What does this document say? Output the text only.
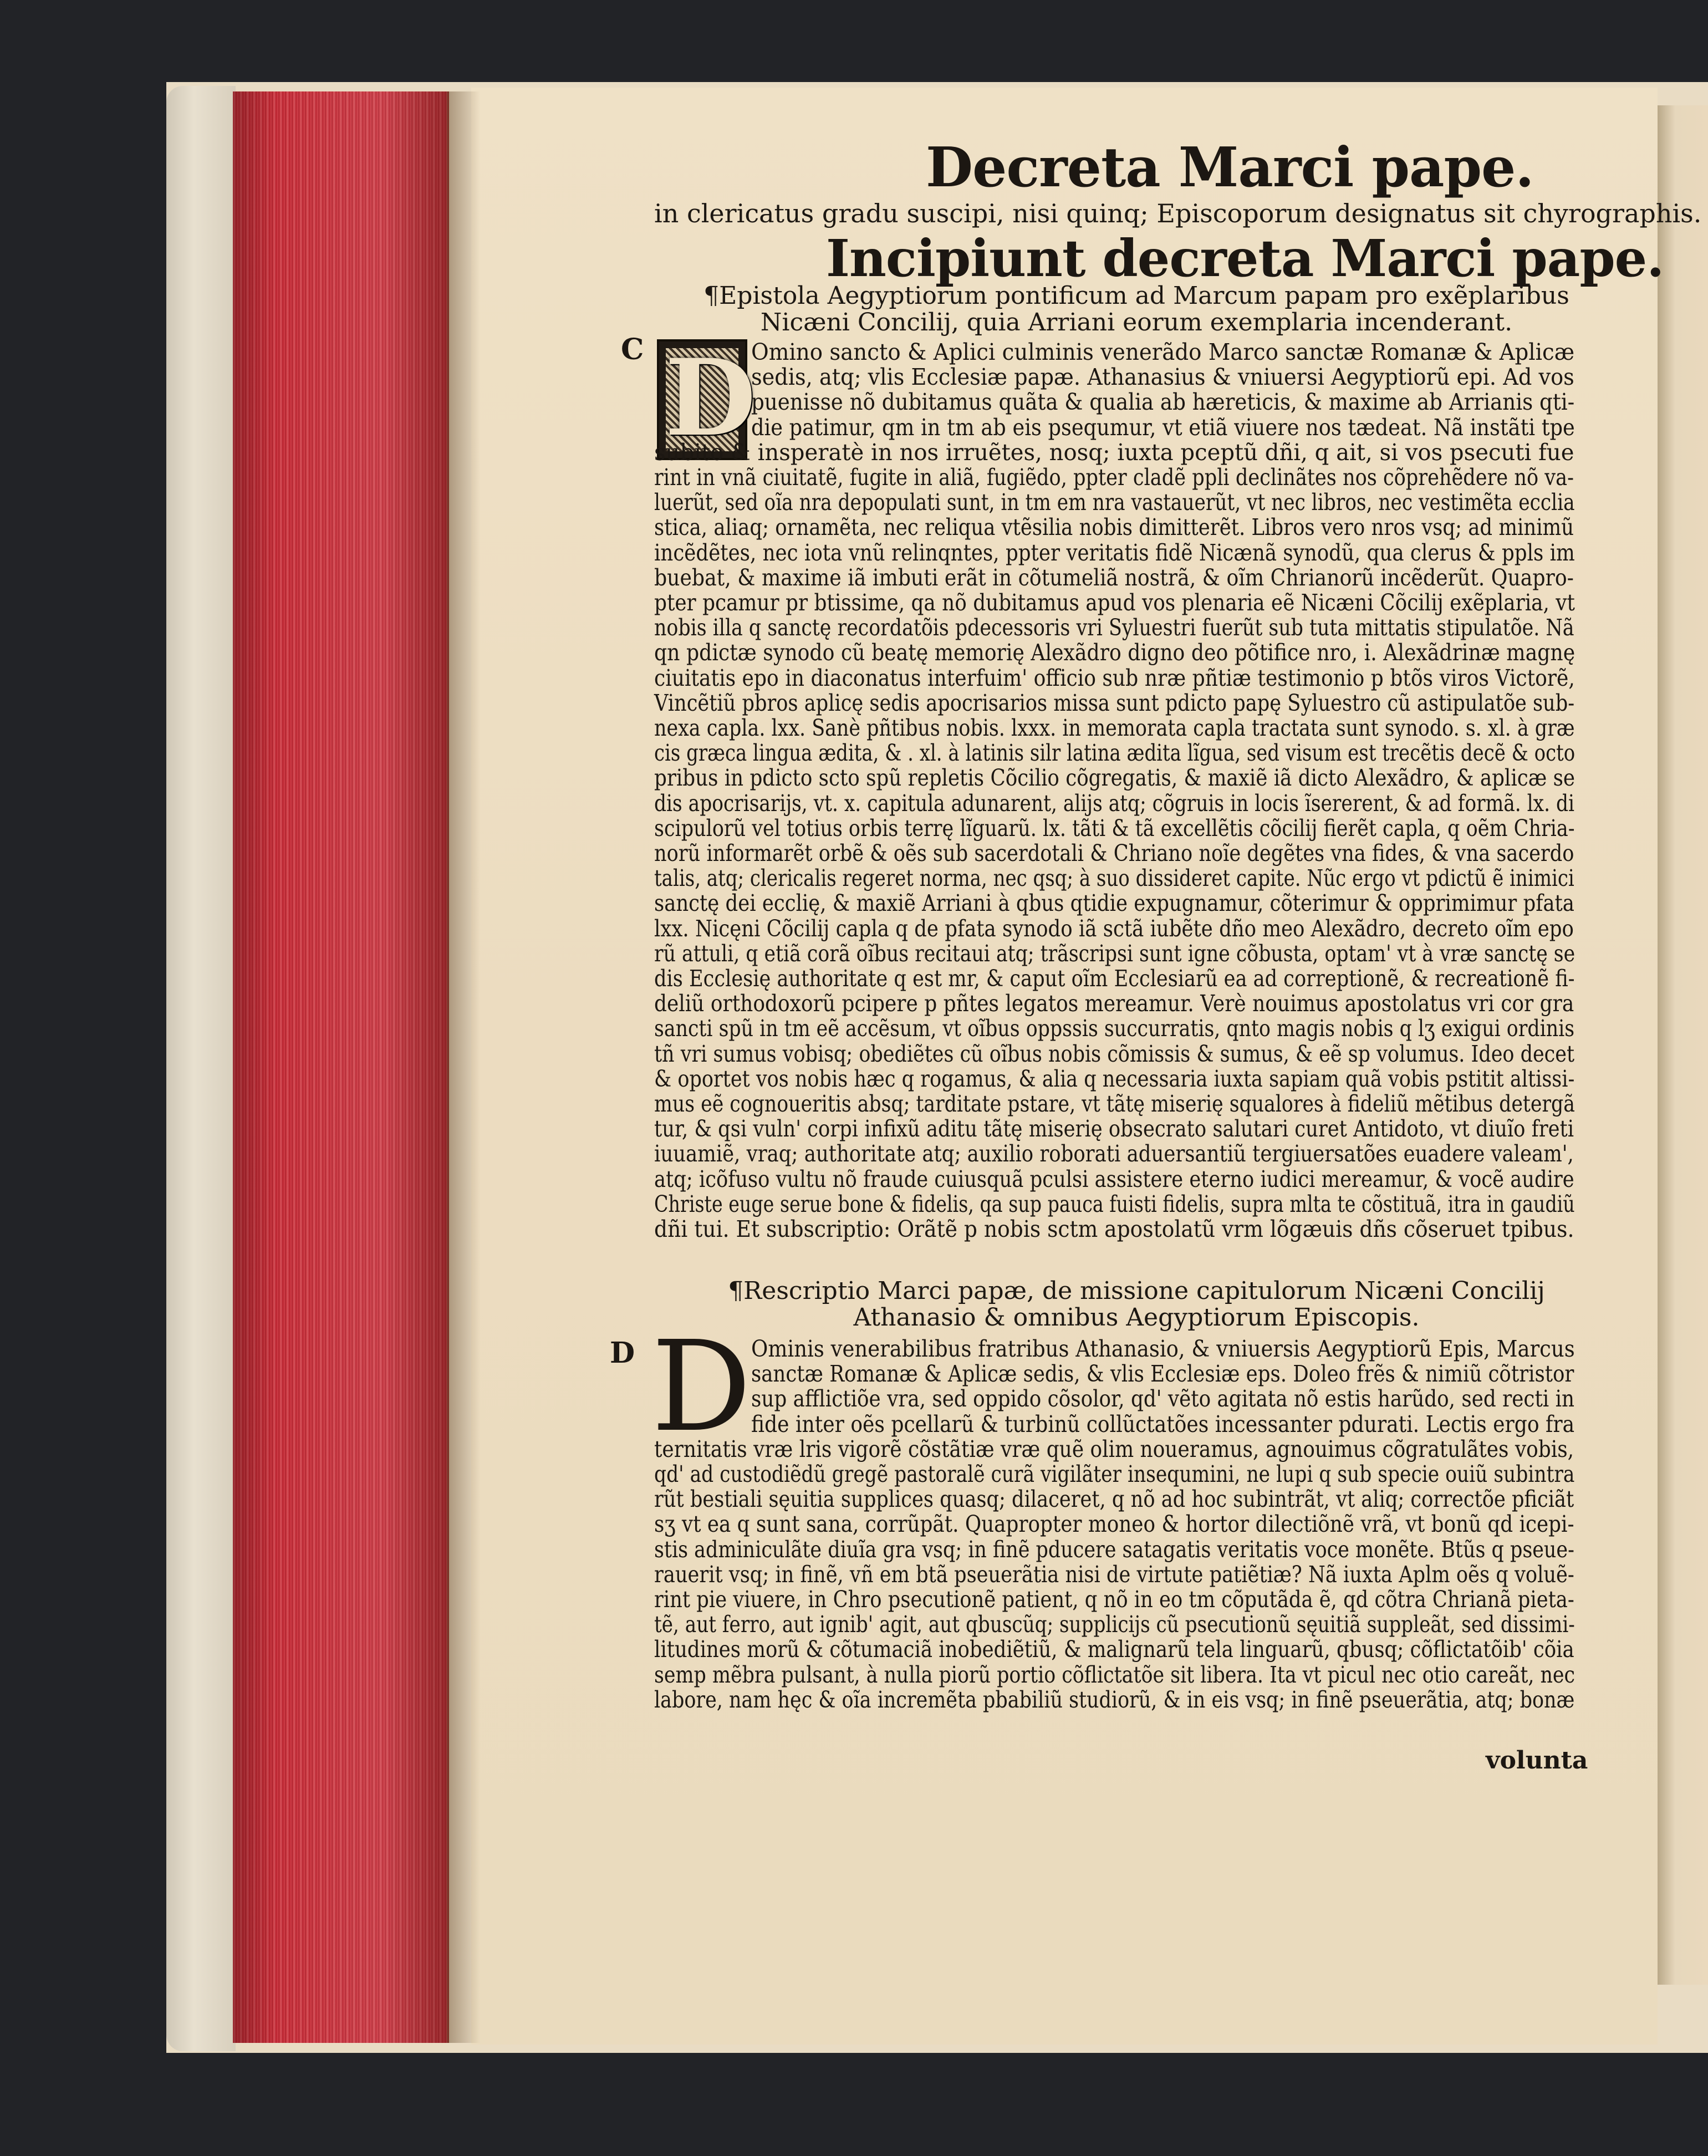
Decreta Marci pape.
in clericatus gradu suscipi, nisi quinq; Episcoporum designatus sit chyrographis.
Incipiunt decreta Marci pape.
¶Epistola Aegyptiorum pontificum ad Marcum papam pro exẽplaribus Nicæni Concilij, quia Arriani eorum exemplaria incenderant.
C D
Omino sancto & Aplici culminis venerãdo Marco sanctæ Romanæ & Aplicæ
sedis, atq; vlis Ecclesiæ papæ. Athanasius & vniuersi Aegyptiorũ epi. Ad vos
puenisse nõ dubitamus quãta & qualia ab hæreticis, & maxime ab Arrianis qti-
die patimur, qm in tm ab eis psequmur, vt etiã viuere nos tædeat. Nã instãti tpe
subito & insperatè in nos irruẽtes, nosq; iuxta pceptũ dñi, q ait, si vos psecuti fue
rint in vnã ciuitatẽ, fugite in aliã, fugiẽdo, ppter cladẽ ppli declinãtes nos cõprehẽdere nõ va-
luerũt, sed oĩa nra depopulati sunt, in tm em nra vastauerũt, vt nec libros, nec vestimẽta ecclia
stica, aliaq; ornamẽta, nec reliqua vtẽsilia nobis dimitterẽt. Libros vero nros vsq; ad minimũ
incẽdẽtes, nec iota vnũ relinqntes, ppter veritatis fidẽ Nicænã synodũ, qua clerus & ppls im
buebat, & maxime iã imbuti erãt in cõtumeliã nostrã, & oĩm Chrianorũ incẽderũt. Quapro-
pter pcamur pr btissime, qa nõ dubitamus apud vos plenaria eẽ Nicæni Cõcilij exẽplaria, vt
nobis illa q sanctę recordatõis pdecessoris vri Syluestri fuerũt sub tuta mittatis stipulatõe. Nã
qn pdictæ synodo cũ beatę memorię Alexãdro digno deo põtifice nro, i. Alexãdrinæ magnę
ciuitatis epo in diaconatus interfuim' officio sub nræ pñtiæ testimonio p btõs viros Victorẽ,
Vincẽtiũ pbros aplicę sedis apocrisarios missa sunt pdicto papę Syluestro cũ astipulatõe sub-
nexa capla. lxx. Sanè pñtibus nobis. lxxx. in memorata capla tractata sunt synodo. s. xl. à græ
cis græca lingua ædita, & . xl. à latinis silr latina ædita lĩgua, sed visum est trecẽtis decẽ & octo
pribus in pdicto scto spũ repletis Cõcilio cõgregatis, & maxiẽ iã dicto Alexãdro, & aplicæ se
dis apocrisarijs, vt. x. capitula adunarent, alijs atq; cõgruis in locis ĩsererent, & ad formã. lx. di
scipulorũ vel totius orbis terrę lĩguarũ. lx. tãti & tã excellẽtis cõcilij fierẽt capla, q oẽm Chria-
norũ informarẽt orbẽ & oẽs sub sacerdotali & Chriano noĩe degẽtes vna fides, & vna sacerdo
talis, atq; clericalis regeret norma, nec qsq; à suo dissideret capite. Nũc ergo vt pdictũ ẽ inimici
sanctę dei ecclię, & maxiẽ Arriani à qbus qtidie expugnamur, cõterimur & opprimimur pfata
lxx. Nicęni Cõcilij capla q de pfata synodo iã sctã iubẽte dño meo Alexãdro, decreto oĩm epo
rũ attuli, q etiã corã oĩbus recitaui atq; trãscripsi sunt igne cõbusta, optam' vt à vræ sanctę se
dis Ecclesię authoritate q est mr, & caput oĩm Ecclesiarũ ea ad correptionẽ, & recreationẽ fi-
deliũ orthodoxorũ pcipere p pñtes legatos mereamur. Verè nouimus apostolatus vri cor gra
sancti spũ in tm eẽ accẽsum, vt oĩbus oppssis succurratis, qnto magis nobis q lʒ exigui ordinis
tñ vri sumus vobisq; obediẽtes cũ oĩbus nobis cõmissis & sumus, & eẽ sp volumus. Ideo decet
& oportet vos nobis hæc q rogamus, & alia q necessaria iuxta sapiam quã vobis pstitit altissi-
mus eẽ cognoueritis absq; tarditate pstare, vt tãtę miserię squalores à fideliũ mẽtibus detergã
tur, & qsi vuln' corpi infixũ aditu tãtę miserię obsecrato salutari curet Antidoto, vt diuĩo freti
iuuamiẽ, vraq; authoritate atq; auxilio roborati aduersantiũ tergiuersatões euadere valeam',
atq; icõfuso vultu nõ fraude cuiusquã pculsi assistere eterno iudici mereamur, & vocẽ audire
Christe euge serue bone & fidelis, qa sup pauca fuisti fidelis, supra mlta te cõstituã, itra in gaudiũ
dñi tui. Et subscriptio: Orãtẽ p nobis sctm apostolatũ vrm lõgæuis dñs cõseruet tpibus.
¶Rescriptio Marci papæ, de missione capitulorum Nicæni Concilij Athanasio & omnibus Aegyptiorum Episcopis.
D D Ominis venerabilibus fratribus Athanasio, & vniuersis Aegyptiorũ Epis, Marcus
sanctæ Romanæ & Aplicæ sedis, & vlis Ecclesiæ eps. Doleo frẽs & nimiũ cõtristor
sup afflictiõe vra, sed oppido cõsolor, qd' vẽto agitata nõ estis harũdo, sed recti in
fide inter oẽs pcellarũ & turbinũ collũctatões incessanter pdurati. Lectis ergo fra
ternitatis vræ lris vigorẽ cõstãtiæ vræ quẽ olim noueramus, agnouimus cõgratulãtes vobis,
qd' ad custodiẽdũ gregẽ pastoralẽ curã vigilãter insequmini, ne lupi q sub specie ouiũ subintra
rũt bestiali sęuitia supplices quasq; dilaceret, q nõ ad hoc subintrãt, vt aliq; correctõe pficiãt
sʒ vt ea q sunt sana, corrũpãt. Quapropter moneo & hortor dilectiõnẽ vrã, vt bonũ qd icepi-
stis adminiculãte diuĩa gra vsq; in finẽ pducere satagatis veritatis voce monẽte. Btũs q pseue-
rauerit vsq; in finẽ, vñ em btã pseuerãtia nisi de virtute patiẽtiæ? Nã iuxta Aplm oẽs q voluẽ-
rint pie viuere, in Chro psecutionẽ patient, q nõ in eo tm cõputãda ẽ, qd cõtra Chrianã pieta-
tẽ, aut ferro, aut ignib' agit, aut qbuscũq; supplicijs cũ psecutionũ sęuitiã suppleãt, sed dissimi-
litudines morũ & cõtumaciã inobediẽtiũ, & malignarũ tela linguarũ, qbusq; cõflictatõib' cõia
semp mẽbra pulsant, à nulla piorũ portio cõflictatõe sit libera. Ita vt picul nec otio careãt, nec
labore, nam hęc & oĩa incremẽta pbabiliũ studiorũ, & in eis vsq; in finẽ pseuerãtia, atq; bonæ
volunta
